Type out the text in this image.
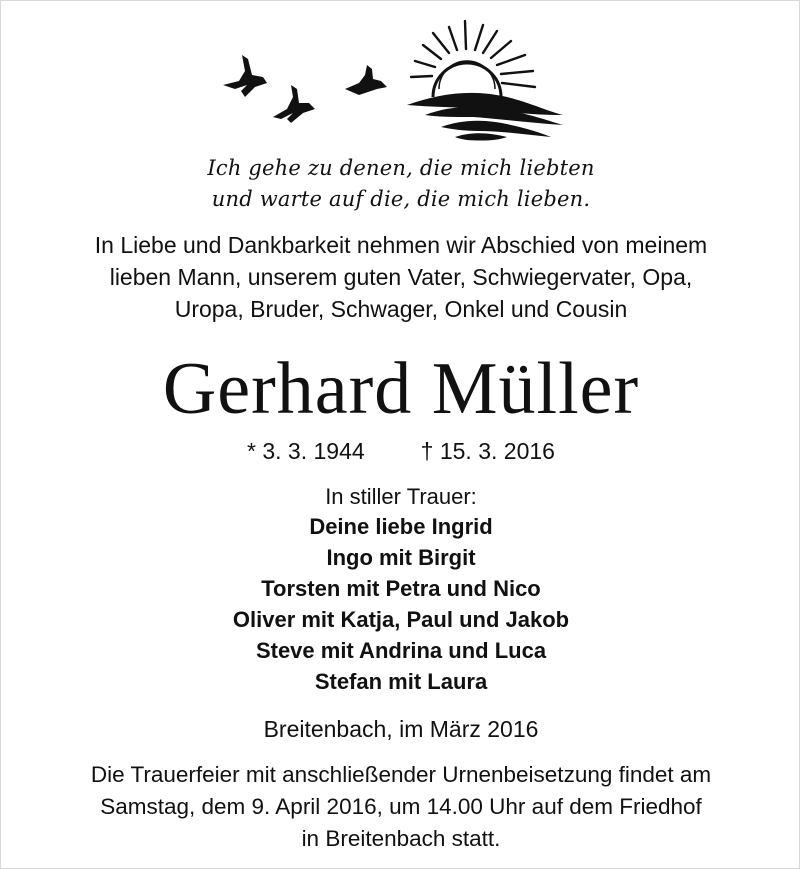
Ich gehe zu denen, die mich liebten
und warte auf die, die mich lieben.
In Liebe und Dankbarkeit nehmen wir Abschied von meinem
lieben Mann, unserem guten Vater, Schwiegervater, Opa,
Uropa, Bruder, Schwager, Onkel und Cousin
Gerhard Müller
* 3. 3. 1944 † 15. 3. 2016
In stiller Trauer:
Deine liebe Ingrid
Ingo mit Birgit
Torsten mit Petra und Nico
Oliver mit Katja, Paul und Jakob
Steve mit Andrina und Luca
Stefan mit Laura
Breitenbach, im März 2016
Die Trauerfeier mit anschließender Urnenbeisetzung findet am
Samstag, dem 9. April 2016, um 14.00 Uhr auf dem Friedhof
in Breitenbach statt.
